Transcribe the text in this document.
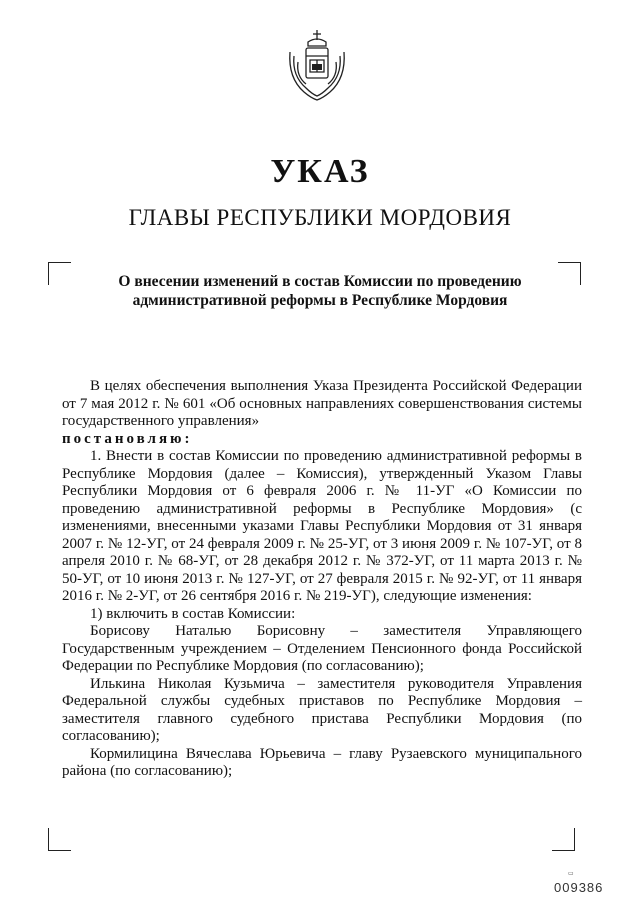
УКАЗ
ГЛАВЫ РЕСПУБЛИКИ МОРДОВИЯ
О внесении изменений в состав Комиссии по проведению
административной реформы в Республике Мордовия

В целях обеспечения выполнения Указа Президента Российской Федерации от 7 мая 2012 г. № 601 «Об основных направлениях совершенствования системы государственного управления»

постановляю:

1. Внести в состав Комиссии по проведению административной реформы в Республике Мордовия (далее – Комиссия), утвержденный Указом Главы Республики Мордовия от 6 февраля 2006 г. № 11-УГ «О Комиссии по проведению административной реформы в Республике Мордовия» (с изменениями, внесенными указами Главы Республики Мордовия от 31 января 2007 г. № 12-УГ, от 24 февраля 2009 г. № 25-УГ, от 3 июня 2009 г. № 107-УГ, от 8 апреля 2010 г. № 68-УГ, от 28 декабря 2012 г. № 372-УГ, от 11 марта 2013 г. № 50-УГ, от 10 июня 2013 г. № 127-УГ, от 27 февраля 2015 г. № 92-УГ, от 11 января 2016 г. № 2-УГ, от 26 сентября 2016 г. № 219-УГ), следующие изменения:

1) включить в состав Комиссии:

Борисову Наталью Борисовну – заместителя Управляющего Государственным учреждением – Отделением Пенсионного фонда Российской Федерации по Республике Мордовия (по согласованию);

Илькина Николая Кузьмича – заместителя руководителя Управления Федеральной службы судебных приставов по Республике Мордовия – заместителя главного судебного пристава Республики Мордовия (по согласованию);

Кормилицина Вячеслава Юрьевича – главу Рузаевского муниципального района (по согласованию);

▭
009386
